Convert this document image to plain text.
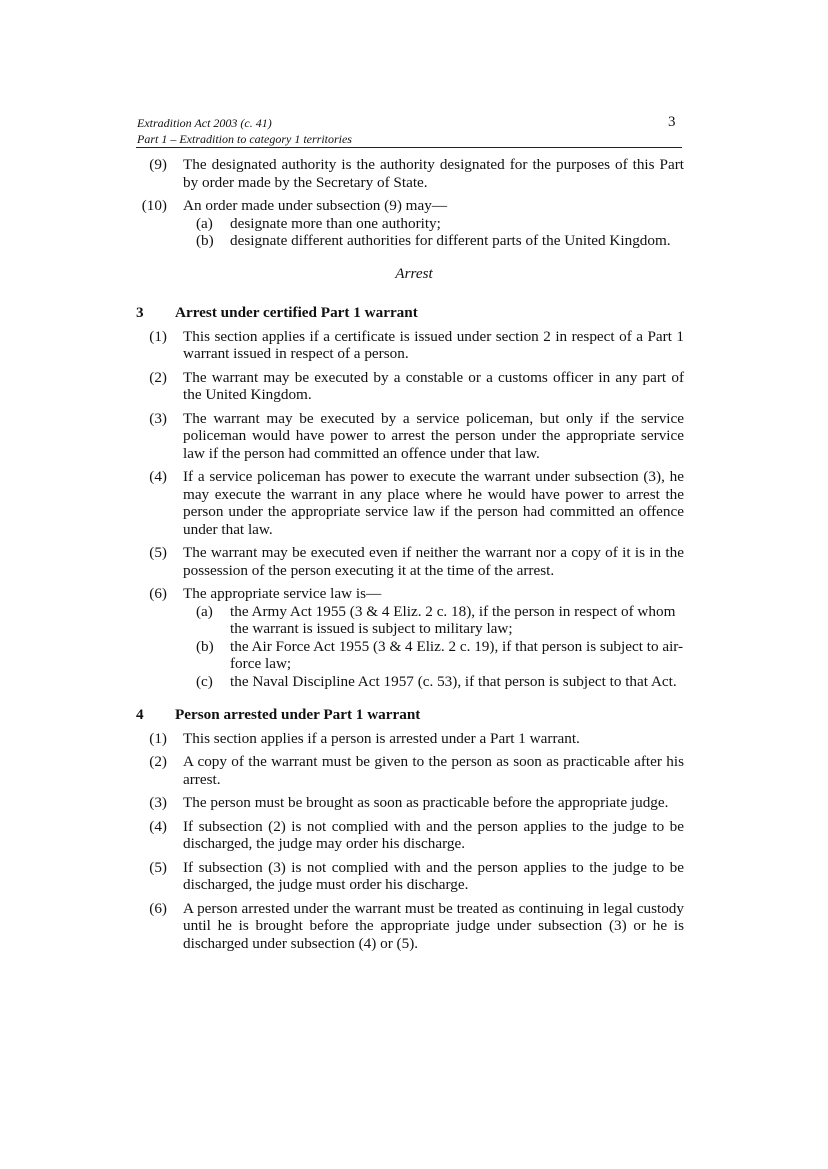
Extradition Act 2003 (c. 41)
Part 1 – Extradition to category 1 territories
3
(9) The designated authority is the authority designated for the purposes of this Part by order made by the Secretary of State.
(10) An order made under subsection (9) may—
(a) designate more than one authority;
(b) designate different authorities for different parts of the United Kingdom.
Arrest
3 Arrest under certified Part 1 warrant
(1) This section applies if a certificate is issued under section 2 in respect of a Part 1 warrant issued in respect of a person.
(2) The warrant may be executed by a constable or a customs officer in any part of the United Kingdom.
(3) The warrant may be executed by a service policeman, but only if the service policeman would have power to arrest the person under the appropriate service law if the person had committed an offence under that law.
(4) If a service policeman has power to execute the warrant under subsection (3), he may execute the warrant in any place where he would have power to arrest the person under the appropriate service law if the person had committed an offence under that law.
(5) The warrant may be executed even if neither the warrant nor a copy of it is in the possession of the person executing it at the time of the arrest.
(6) The appropriate service law is—
(a) the Army Act 1955 (3 & 4 Eliz. 2 c. 18), if the person in respect of whom the warrant is issued is subject to military law;
(b) the Air Force Act 1955 (3 & 4 Eliz. 2 c. 19), if that person is subject to air-force law;
(c) the Naval Discipline Act 1957 (c. 53), if that person is subject to that Act.
4 Person arrested under Part 1 warrant
(1) This section applies if a person is arrested under a Part 1 warrant.
(2) A copy of the warrant must be given to the person as soon as practicable after his arrest.
(3) The person must be brought as soon as practicable before the appropriate judge.
(4) If subsection (2) is not complied with and the person applies to the judge to be discharged, the judge may order his discharge.
(5) If subsection (3) is not complied with and the person applies to the judge to be discharged, the judge must order his discharge.
(6) A person arrested under the warrant must be treated as continuing in legal custody until he is brought before the appropriate judge under subsection (3) or he is discharged under subsection (4) or (5).
